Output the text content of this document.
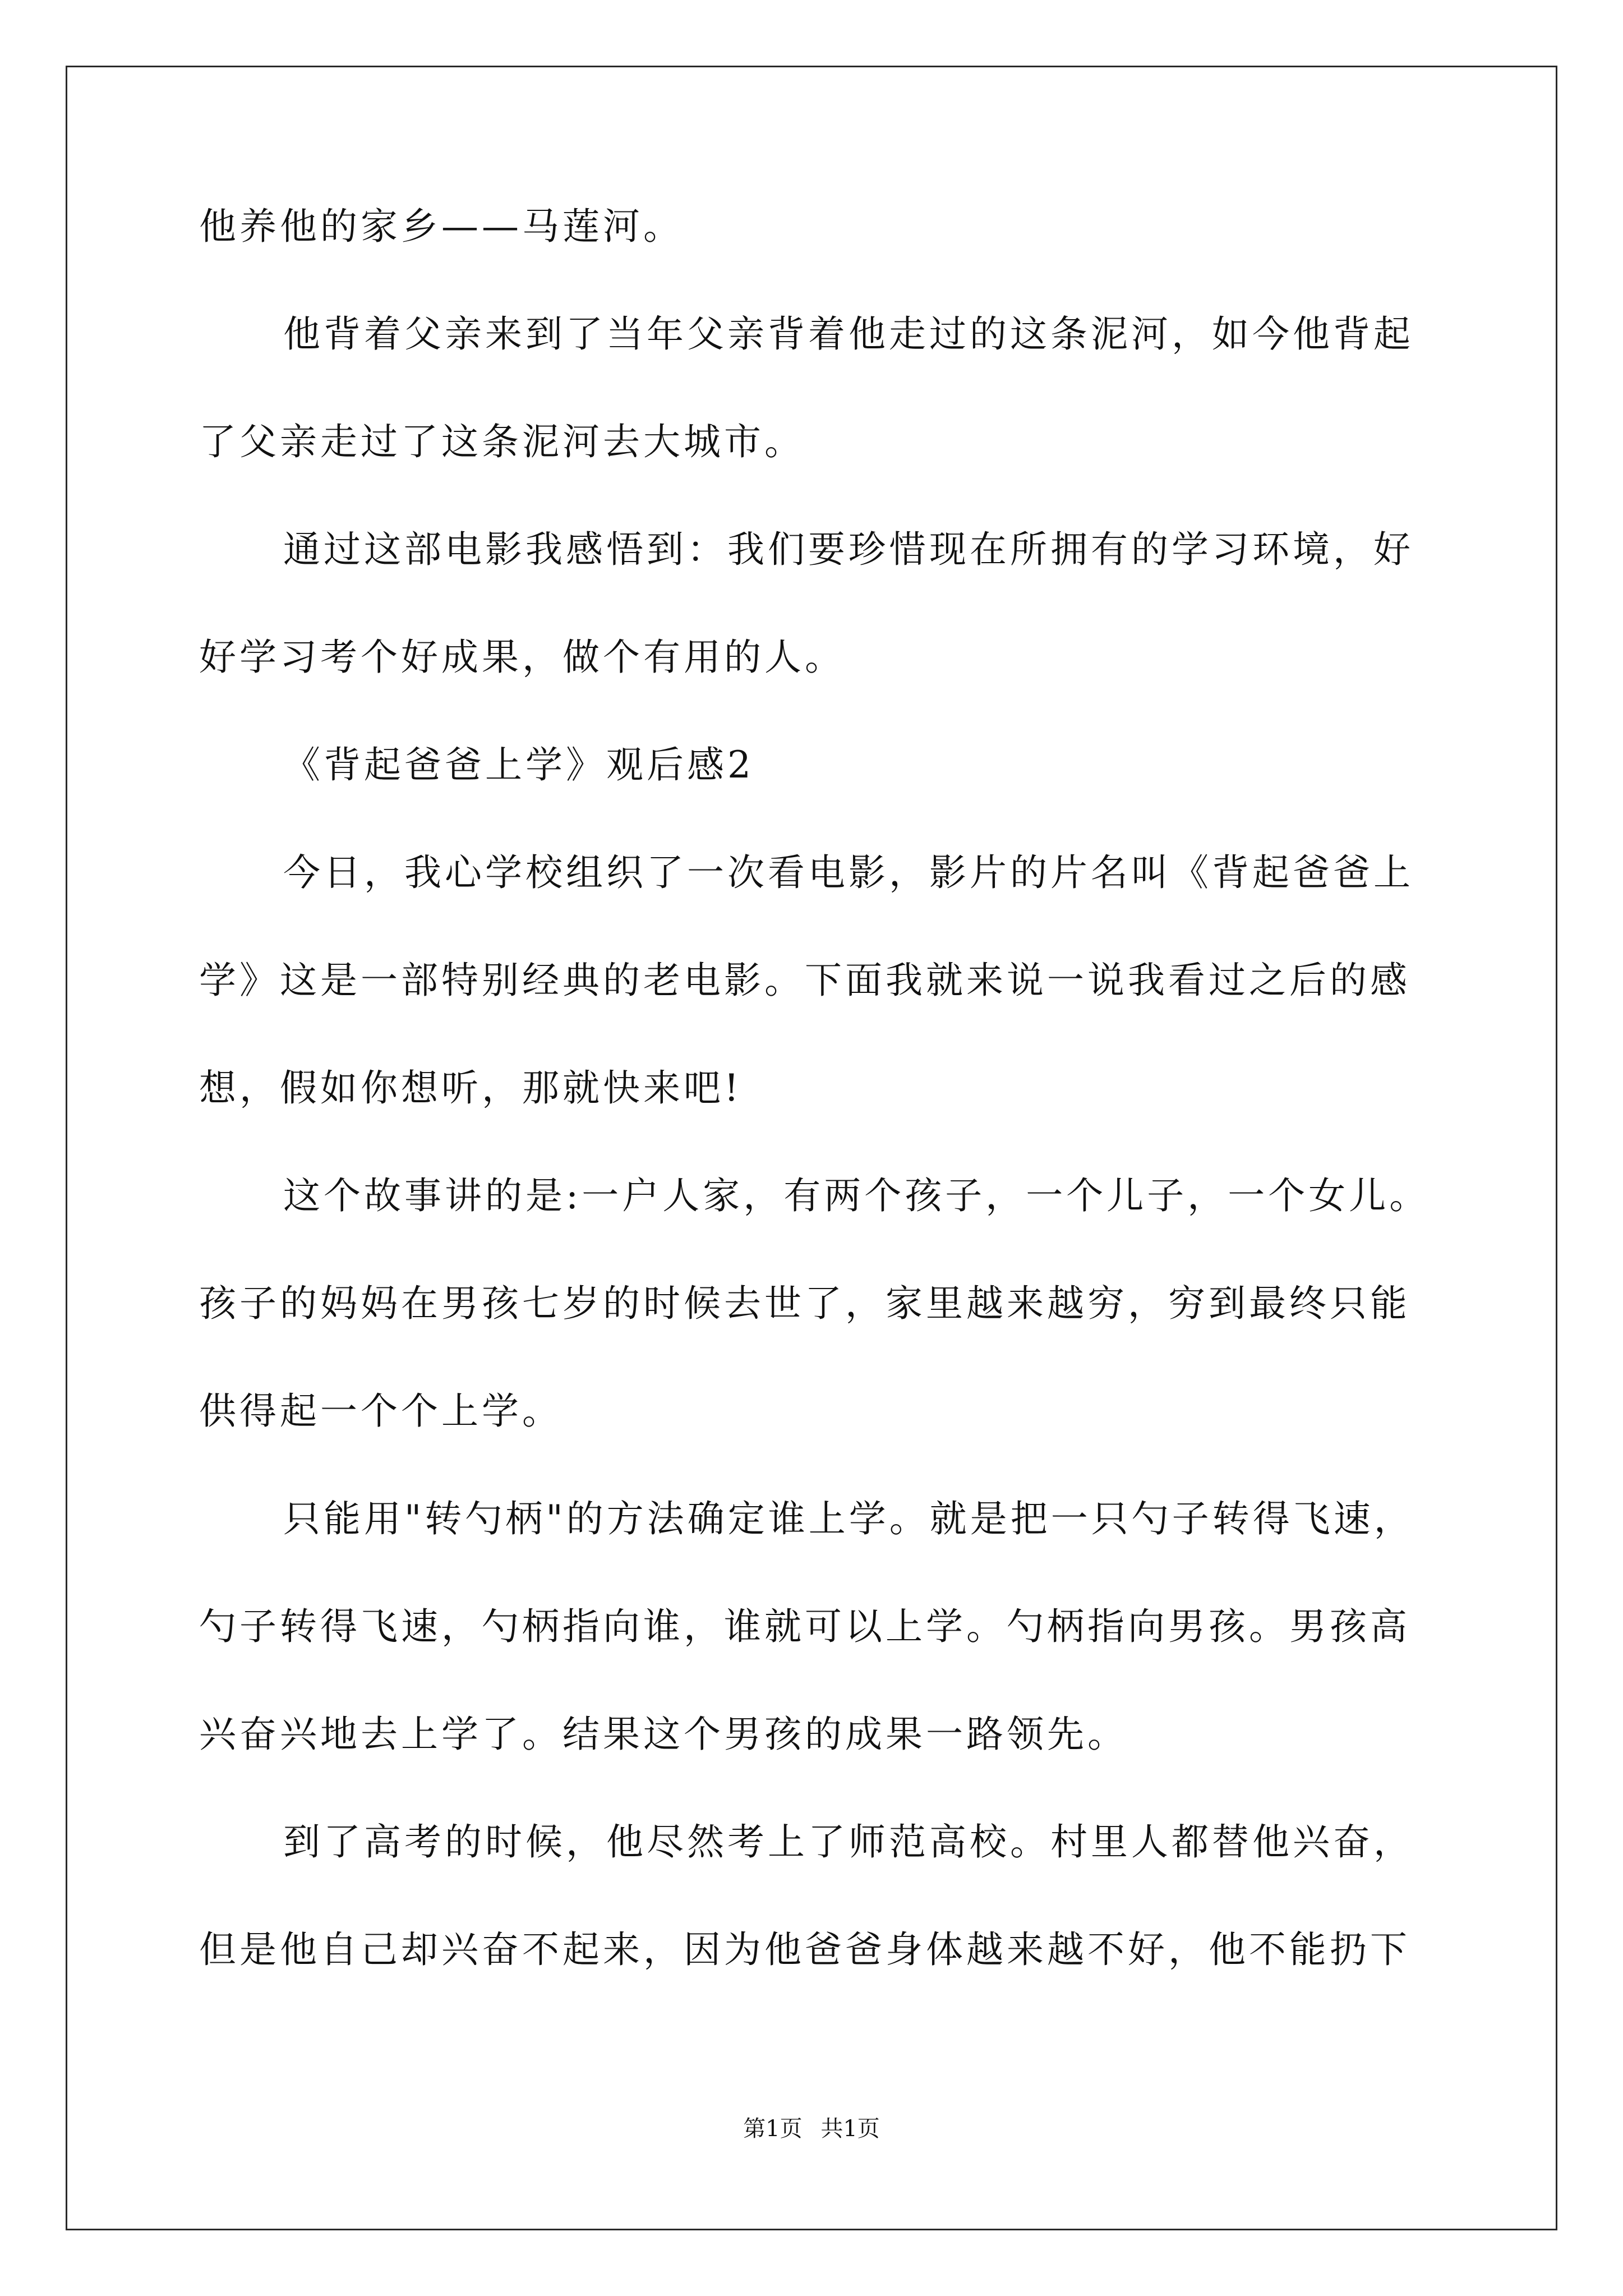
他养他的家乡——马莲河。
他背着父亲来到了当年父亲背着他走过的这条泥河，如今他背起
了父亲走过了这条泥河去大城市。
通过这部电影我感悟到：我们要珍惜现在所拥有的学习环境，好
好学习考个好成果，做个有用的人。
《背起爸爸上学》观后感2
今日，我心学校组织了一次看电影，影片的片名叫《背起爸爸上
学》这是一部特别经典的老电影。下面我就来说一说我看过之后的感
想，假如你想听，那就快来吧!
这个故事讲的是:一户人家，有两个孩子，一个儿子，一个女儿。
孩子的妈妈在男孩七岁的时候去世了，家里越来越穷，穷到最终只能
供得起一个个上学。
只能用"转勺柄"的方法确定谁上学。就是把一只勺子转得飞速，
勺子转得飞速，勺柄指向谁，谁就可以上学。勺柄指向男孩。男孩高
兴奋兴地去上学了。结果这个男孩的成果一路领先。
到了高考的时候，他尽然考上了师范高校。村里人都替他兴奋，
但是他自己却兴奋不起来，因为他爸爸身体越来越不好，他不能扔下
第1页 共1页
